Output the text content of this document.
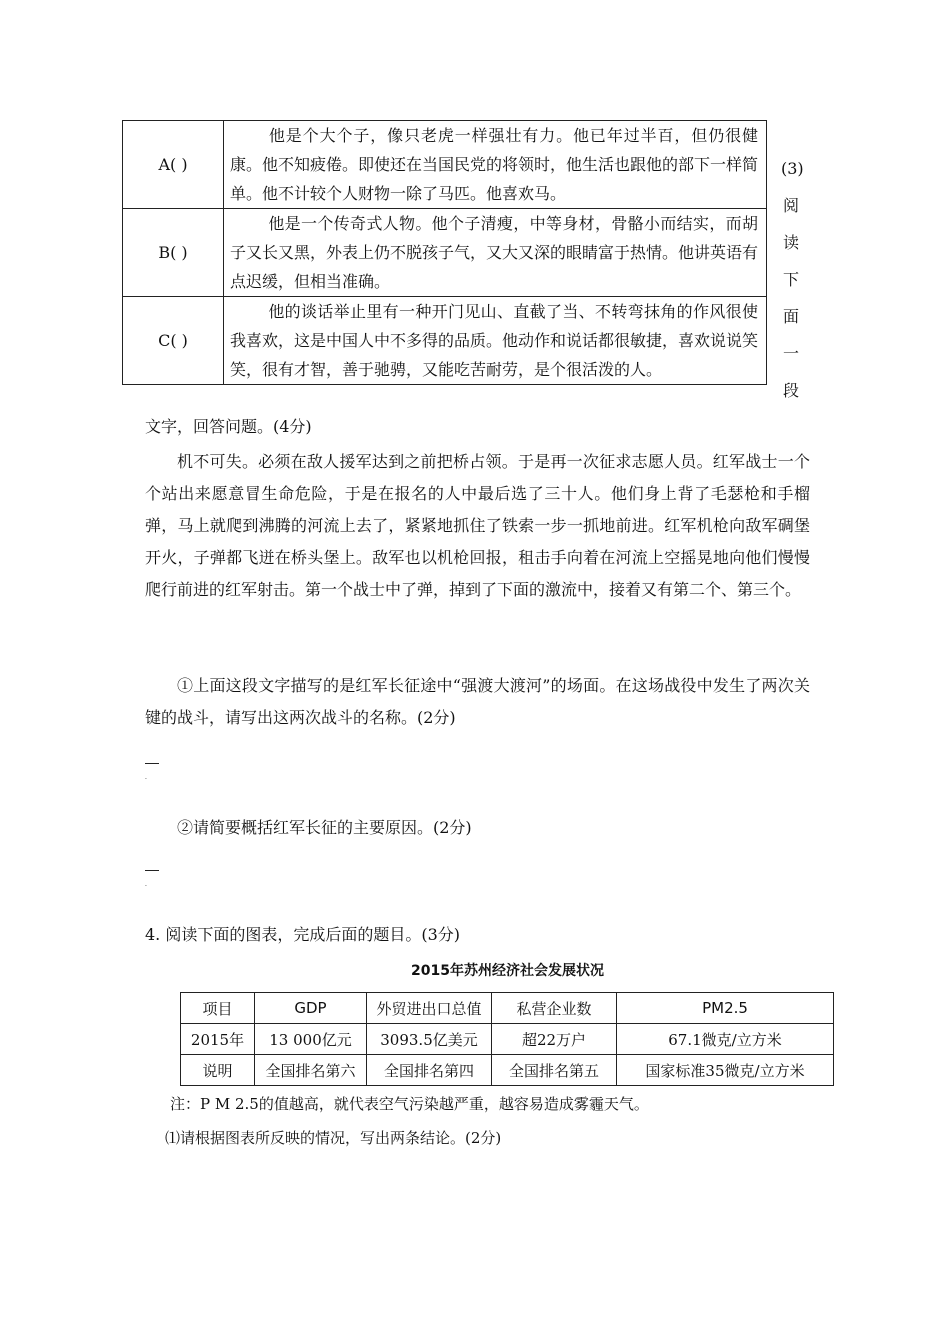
A( )	他是个大个子，像只老虎一样强壮有力。他已年过半百，但仍很健康。他不知疲倦。即使还在当国民党的将领时，他生活也跟他的部下一样简单。他不计较个人财物一除了马匹。他喜欢马。
B( )	他是一个传奇式人物。他个子清瘦，中等身材，骨骼小而结实，而胡子又长又黑，外表上仍不脱孩子气，又大又深的眼睛富于热情。他讲英语有点迟缓，但相当准确。
C( )	他的谈话举止里有一种开门见山、直截了当、不转弯抹角的作风很使我喜欢，这是中国人中不多得的品质。他动作和说话都很敏捷，喜欢说说笑笑，很有才智，善于驰骋，又能吃苦耐劳，是个很活泼的人。
(3)
阅
读
下
面
一
段
文字，回答问题。(4分)
机不可失。必须在敌人援军达到之前把桥占领。于是再一次征求志愿人员。红军战士一个个站出来愿意冒生命危险，于是在报名的人中最后选了三十人。他们身上背了毛瑟枪和手榴弹，马上就爬到沸腾的河流上去了，紧紧地抓住了铁索一步一抓地前进。红军机枪向敌军碉堡开火，子弹都飞迸在桥头堡上。敌军也以机枪回报，租击手向着在河流上空摇晃地向他们慢慢爬行前进的红军射击。第一个战士中了弹，掉到了下面的激流中，接着又有第二个、第三个。
①上面这段文字描写的是红军长征途中“强渡大渡河”的场面。在这场战役中发生了两次关键的战斗，请写出这两次战斗的名称。(2分)
.
②请简要概括红军长征的主要原因。(2分)
.
4. 阅读下面的图表，完成后面的题目。(3分)
2015年苏州经济社会发展状况
项目	GDP	外贸进出口总值	私营企业数	PM2.5
2015年	13 000亿元	3093.5亿美元	超22万户	67.1微克/立方米
说明	全国排名第六	全国排名第四	全国排名第五	国家标准35微克/立方米
注：P M 2.5的值越高，就代表空气污染越严重，越容易造成雾霾天气。
⑴请根据图表所反映的情况，写出两条结论。(2分)
